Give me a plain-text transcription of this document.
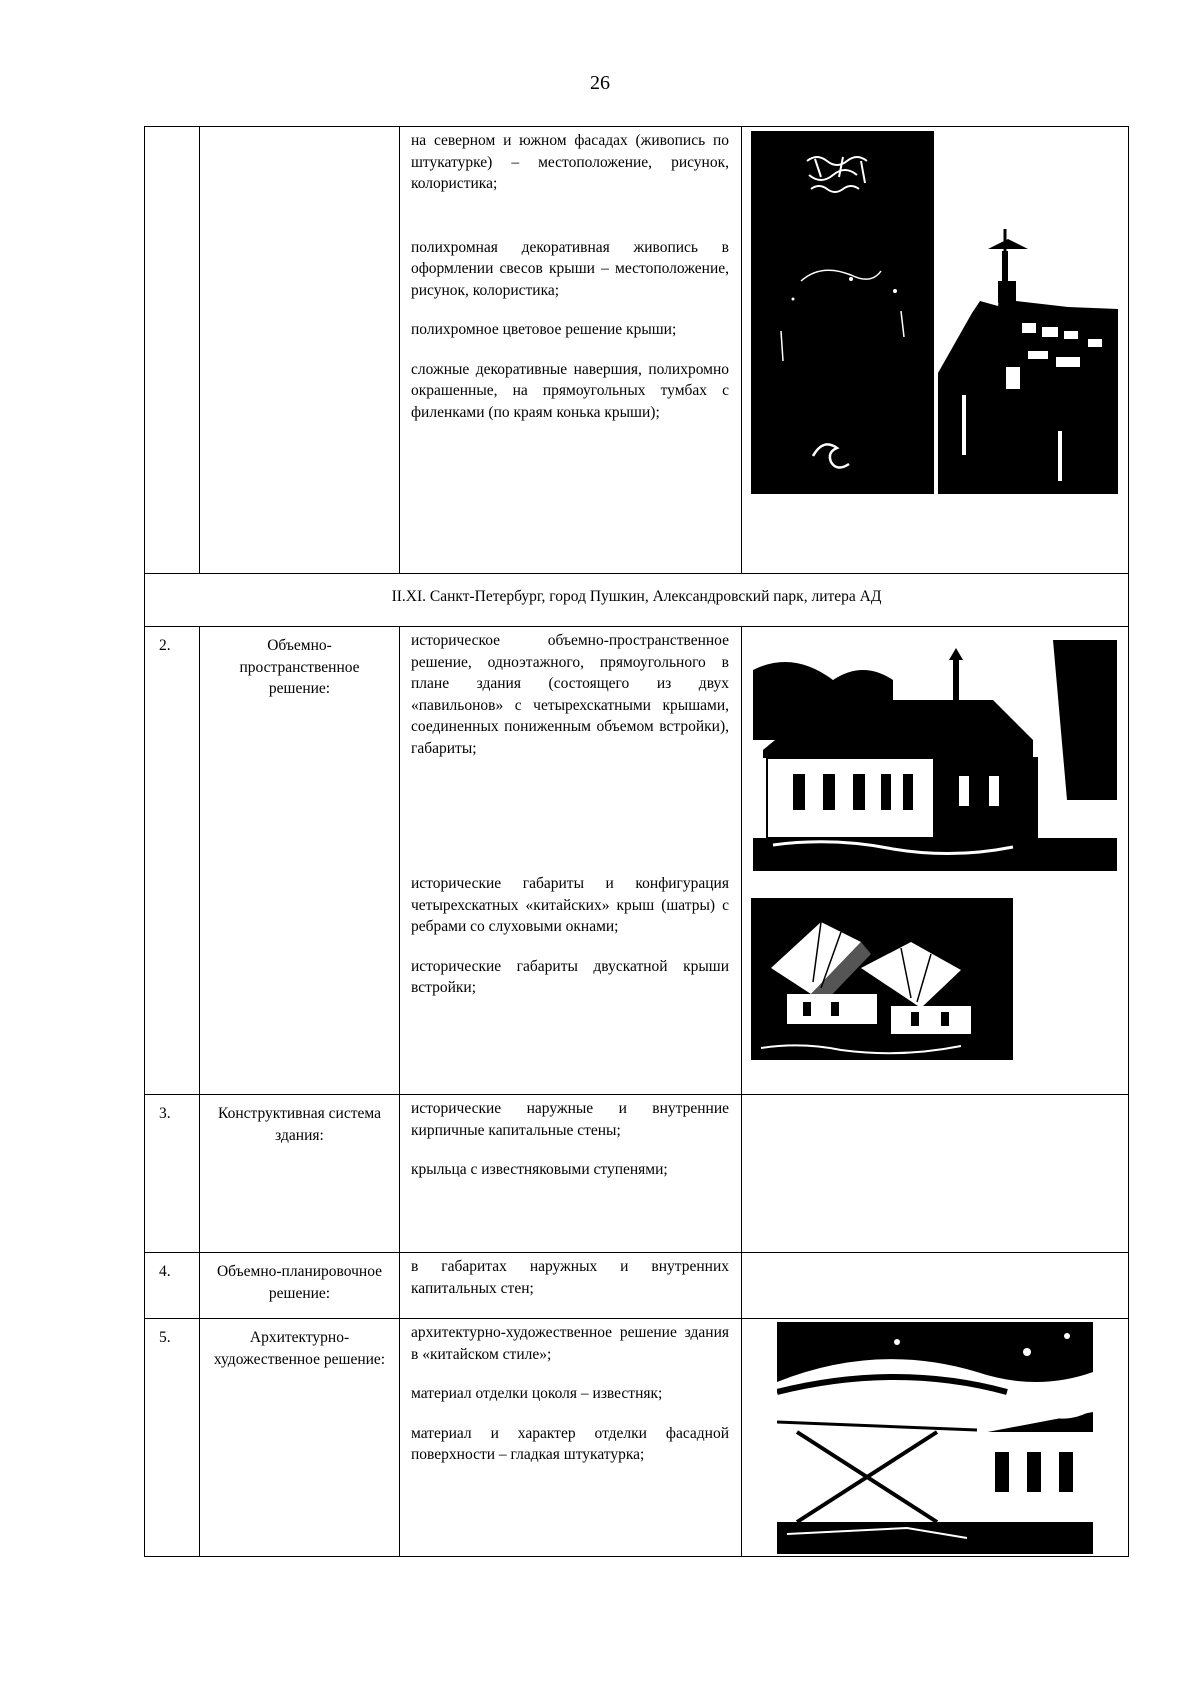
26

		на северном и южном фасадах (живопись по штукатурке) – местоположение, рисунок, колористика;

полихромная декоративная живопись в оформлении свесов крыши – местоположение, рисунок, колористика;

полихромное цветовое решение крыши;

сложные декоративные навершия, полихромно окрашенные, на прямоугольных тумбах с филенками (по краям конька крыши);

II.XI. Санкт-Петербург, город Пушкин, Александровский парк, литера АД			
2.	Объемно-пространственное решение:	историческое объемно-пространственное решение, одноэтажного, прямоугольного в плане здания (состоящего из двух «павильонов» с четырехскатными крышами, соединенных пониженным объемом встройки), габариты;

исторические габариты и конфигурация четырехскатных «китайских» крыш (шатры) с ребрами со слуховыми окнами;

исторические габариты двускатной крыши встройки;

3.	Конструктивная система здания:	исторические наружные и внутренние кирпичные капитальные стены;

крыльца с известняковыми ступенями;	

4.	Объемно-планировочное решение:	в габаритах наружных и внутренних капитальных стен;	

5.	Архитектурно-художественное решение:	архитектурно-художественное решение здания в «китайском стиле»;

материал отделки цоколя – известняк;

материал и характер отделки фасадной поверхности – гладкая штукатурка;
